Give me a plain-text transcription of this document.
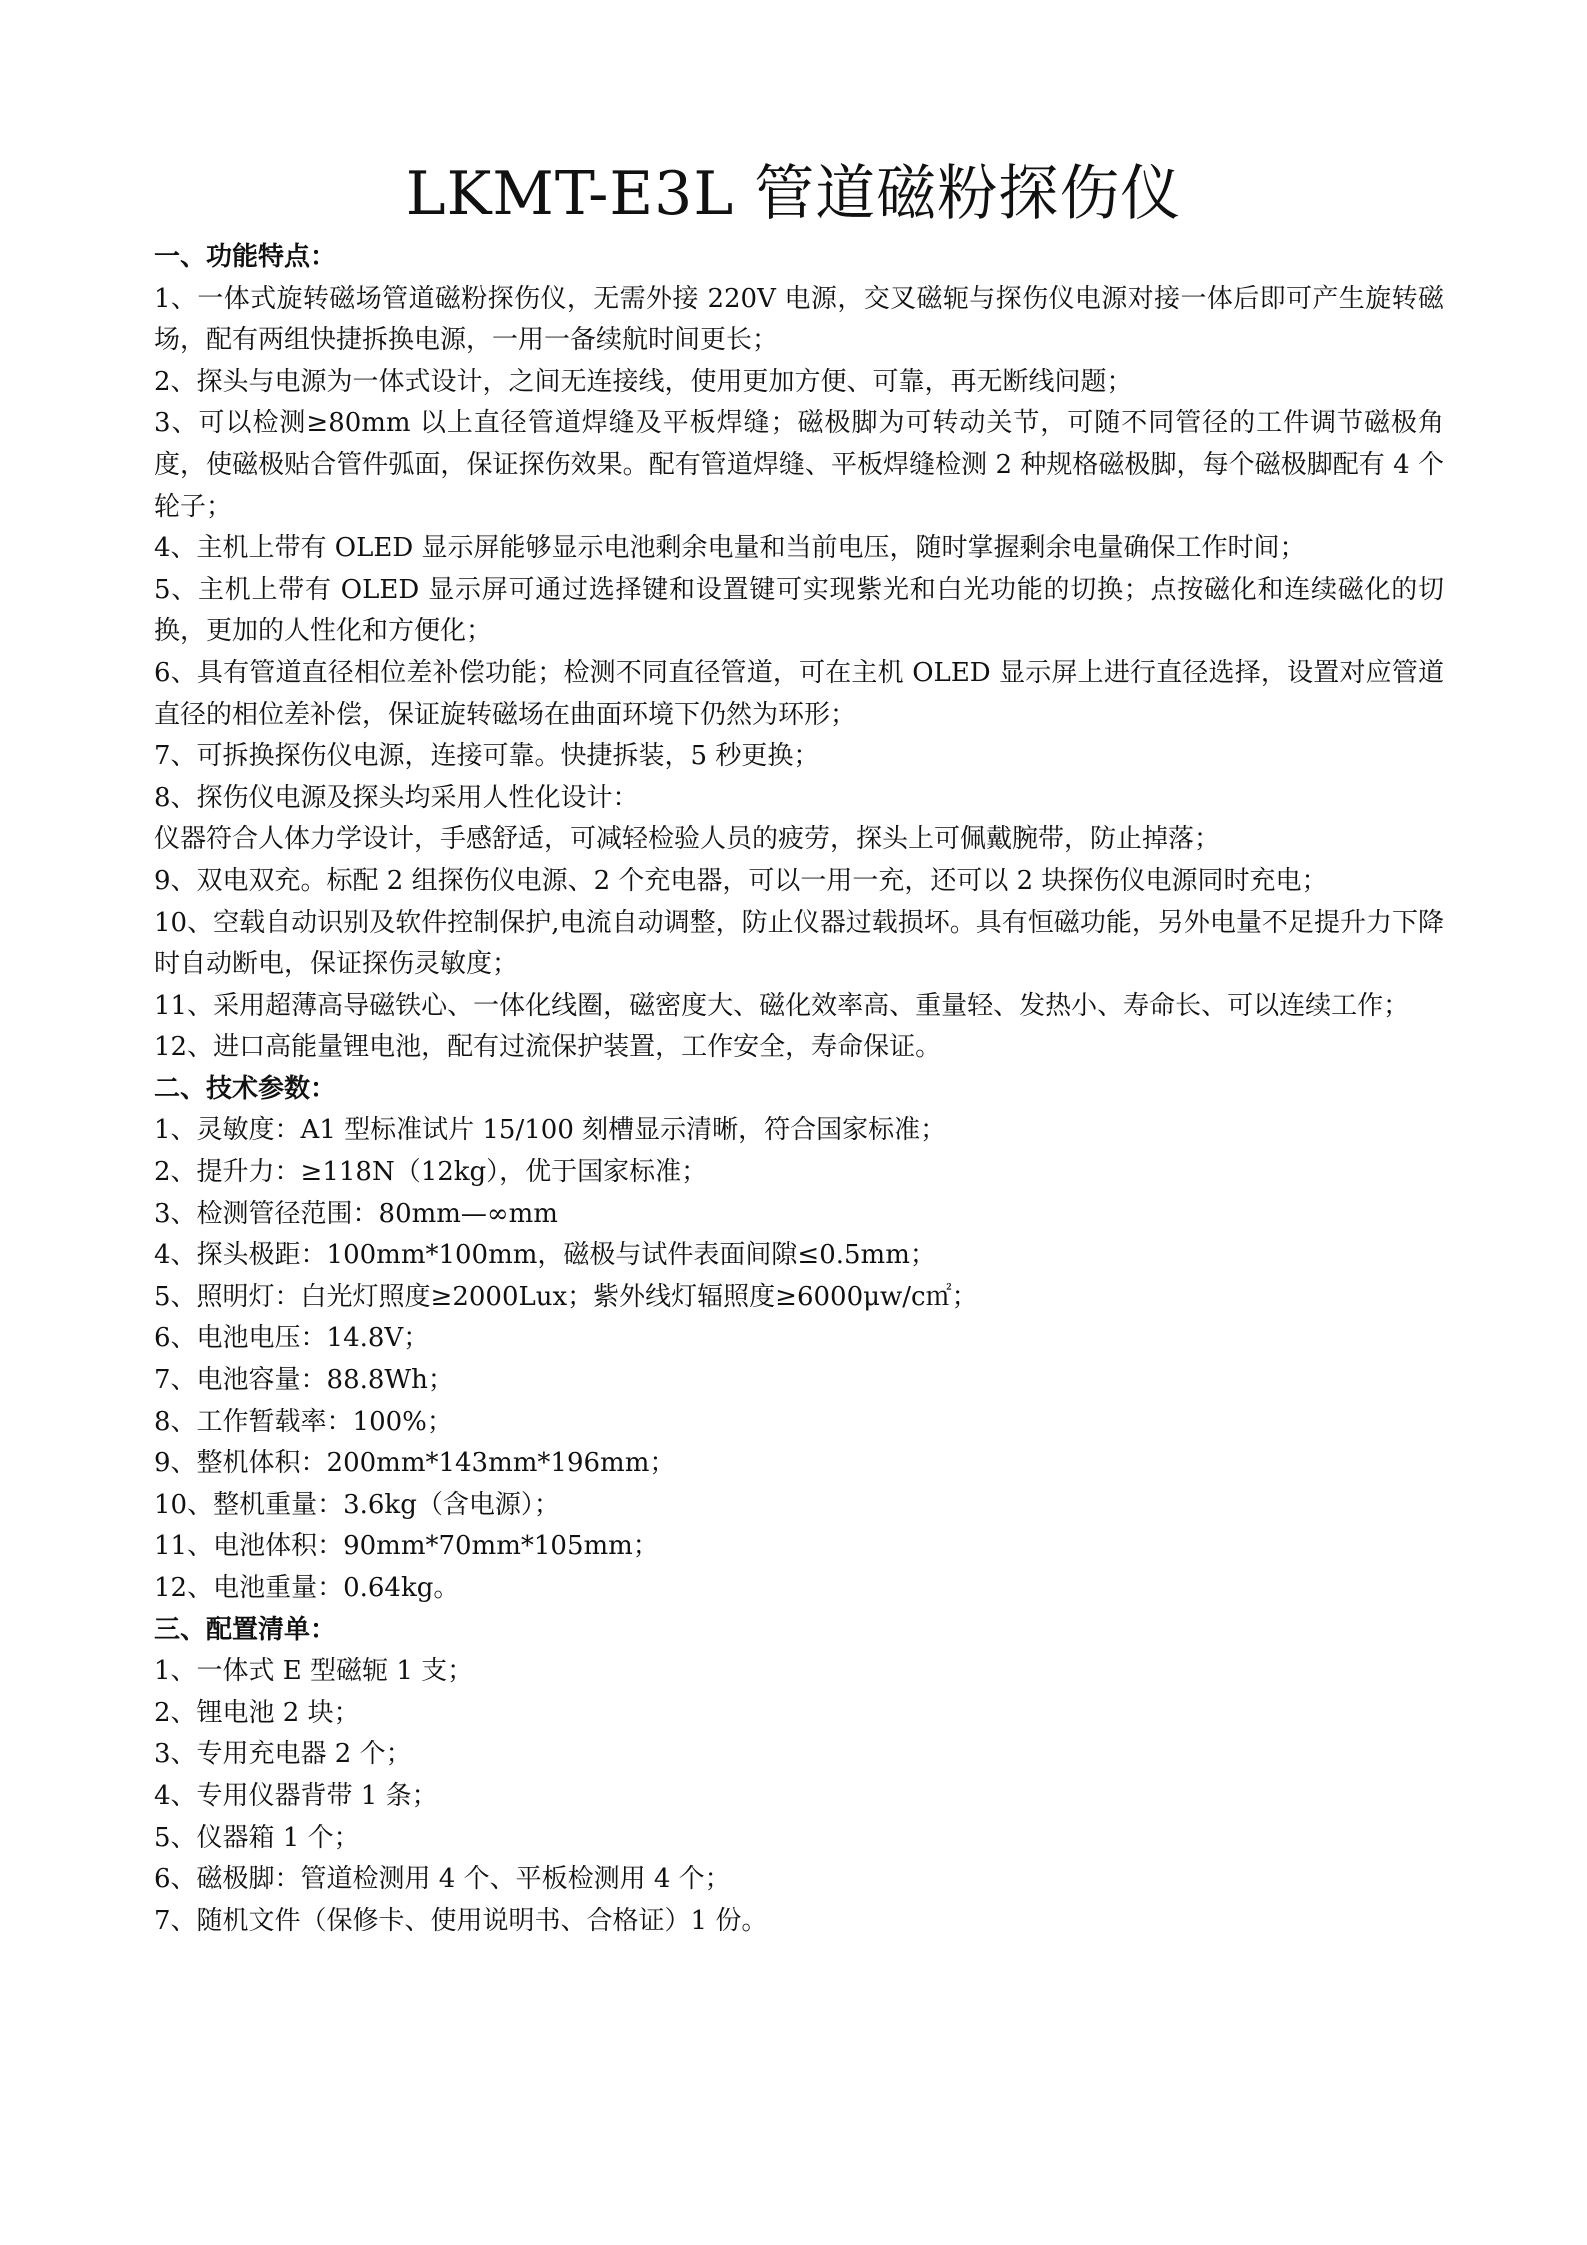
LKMT-E3L 管道磁粉探伤仪
一、功能特点：
1、一体式旋转磁场管道磁粉探伤仪，无需外接 220V 电源，交叉磁轭与探伤仪电源对接一体后即可产生旋转磁场，配有两组快捷拆换电源，一用一备续航时间更长；
2、探头与电源为一体式设计，之间无连接线，使用更加方便、可靠，再无断线问题；
3、可以检测≥80mm 以上直径管道焊缝及平板焊缝；磁极脚为可转动关节，可随不同管径的工件调节磁极角度，使磁极贴合管件弧面，保证探伤效果。配有管道焊缝、平板焊缝检测 2 种规格磁极脚，每个磁极脚配有 4 个轮子；
4、主机上带有 OLED 显示屏能够显示电池剩余电量和当前电压，随时掌握剩余电量确保工作时间；
5、主机上带有 OLED 显示屏可通过选择键和设置键可实现紫光和白光功能的切换；点按磁化和连续磁化的切换，更加的人性化和方便化；
6、具有管道直径相位差补偿功能；检测不同直径管道，可在主机 OLED 显示屏上进行直径选择，设置对应管道直径的相位差补偿，保证旋转磁场在曲面环境下仍然为环形；
7、可拆换探伤仪电源，连接可靠。快捷拆装，5 秒更换；
8、探伤仪电源及探头均采用人性化设计：
仪器符合人体力学设计，手感舒适，可减轻检验人员的疲劳，探头上可佩戴腕带，防止掉落；
9、双电双充。标配 2 组探伤仪电源、2 个充电器，可以一用一充，还可以 2 块探伤仪电源同时充电；
10、空载自动识别及软件控制保护,电流自动调整，防止仪器过载损坏。具有恒磁功能，另外电量不足提升力下降时自动断电，保证探伤灵敏度；
11、采用超薄高导磁铁心、一体化线圈，磁密度大、磁化效率高、重量轻、发热小、寿命长、可以连续工作；
12、进口高能量锂电池，配有过流保护装置，工作安全，寿命保证。
二、技术参数：
1、灵敏度：A1 型标准试片 15/100 刻槽显示清晰，符合国家标准；
2、提升力：≥118N（12kg），优于国家标准；
3、检测管径范围：80mm—∞mm
4、探头极距：100mm*100mm，磁极与试件表面间隙≤0.5mm；
5、照明灯：白光灯照度≥2000Lux；紫外线灯辐照度≥6000μw/c㎡；
6、电池电压：14.8V；
7、电池容量：88.8Wh；
8、工作暂载率：100%；
9、整机体积：200mm*143mm*196mm；
10、整机重量：3.6kg（含电源）；
11、电池体积：90mm*70mm*105mm；
12、电池重量：0.64kg。
三、配置清单：
1、一体式 E 型磁轭 1 支；
2、锂电池 2 块；
3、专用充电器 2 个；
4、专用仪器背带 1 条；
5、仪器箱 1 个；
6、磁极脚：管道检测用 4 个、平板检测用 4 个；
7、随机文件（保修卡、使用说明书、合格证）1 份。
